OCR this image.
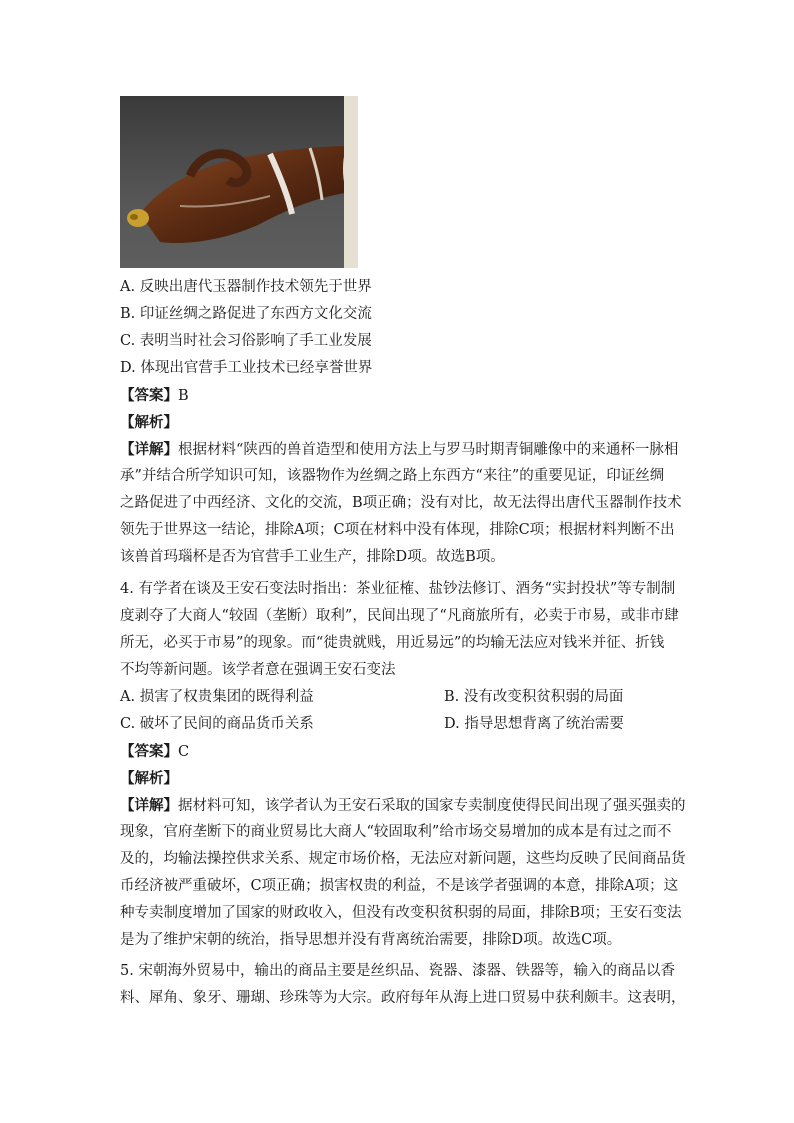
A. 反映出唐代玉器制作技术领先于世界
B. 印证丝绸之路促进了东西方文化交流
C. 表明当时社会习俗影响了手工业发展
D. 体现出官营手工业技术已经享誉世界
【答案】B
【解析】
【详解】根据材料“陕西的兽首造型和使用方法上与罗马时期青铜雕像中的来通杯一脉相
承”并结合所学知识可知，该器物作为丝绸之路上东西方“来往”的重要见证，印证丝绸
之路促进了中西经济、文化的交流，B项正确；没有对比，故无法得出唐代玉器制作技术
领先于世界这一结论，排除A项；C项在材料中没有体现，排除C项；根据材料判断不出
该兽首玛瑙杯是否为官营手工业生产，排除D项。故选B项。
4. 有学者在谈及王安石变法时指出：茶业征榷、盐钞法修订、酒务“实封投状”等专制制
度剥夺了大商人“较固（垄断）取利”，民间出现了“凡商旅所有，必卖于市易，或非市肆
所无，必买于市易”的现象。而“徙贵就贱，用近易远”的均输无法应对钱米并征、折钱
不均等新问题。该学者意在强调王安石变法
A. 损害了权贵集团的既得利益	B. 没有改变积贫积弱的局面
C. 破坏了民间的商品货币关系	D. 指导思想背离了统治需要
【答案】C
【解析】
【详解】据材料可知，该学者认为王安石采取的国家专卖制度使得民间出现了强买强卖的
现象，官府垄断下的商业贸易比大商人“较固取利”给市场交易增加的成本是有过之而不
及的，均输法操控供求关系、规定市场价格，无法应对新问题，这些均反映了民间商品货
币经济被严重破坏，C项正确；损害权贵的利益，不是该学者强调的本意，排除A项；这
种专卖制度增加了国家的财政收入，但没有改变积贫积弱的局面，排除B项；王安石变法
是为了维护宋朝的统治，指导思想并没有背离统治需要，排除D项。故选C项。
5. 宋朝海外贸易中，输出的商品主要是丝织品、瓷器、漆器、铁器等，输入的商品以香
料、犀角、象牙、珊瑚、珍珠等为大宗。政府每年从海上进口贸易中获利颇丰。这表明，
